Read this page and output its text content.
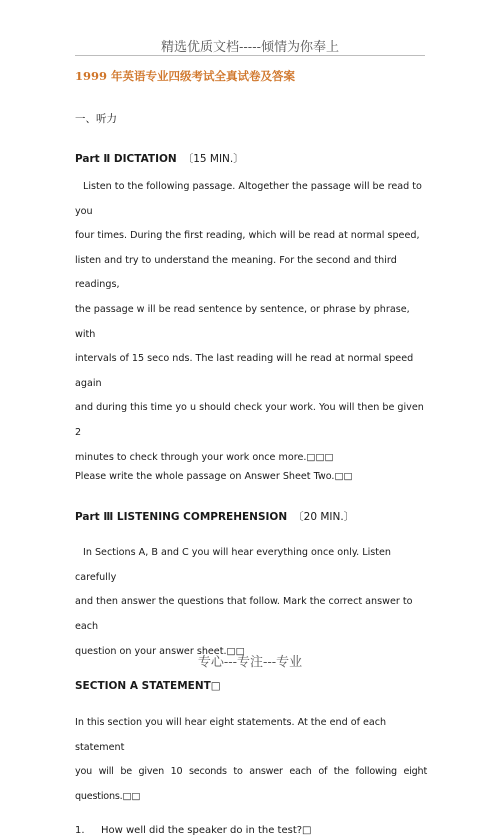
精选优质文档-----倾情为你奉上
1999 年英语专业四级考试全真试卷及答案
一、听力
Part Ⅱ DICTATION 〔15 MIN.〕

Listen to the following passage. Altogether the passage will be read to you

four times. During the first reading, which will be read at normal speed,

listen and try to understand the meaning. For the second and third readings,

the passage w ill be read sentence by sentence, or phrase by phrase, with

intervals of 15 seco nds. The last reading will he read at normal speed again

and during this time yo u should check your work. You will then be given 2

minutes to check through your work once more.□□□

Please write the whole passage on Answer Sheet Two.□□

Part Ⅲ LISTENING COMPREHENSION 〔20 MIN.〕

In Sections A, B and C you will hear everything once only. Listen carefully

and then answer the questions that follow. Mark the correct answer to each

question on your answer sheet.□□

SECTION A STATEMENT□

In this section you will hear eight statements. At the end of each statement

you will be given 10 seconds to answer each of the following eight questions.□□

1.	How well did the speaker do in the test?□
专心---专注---专业
